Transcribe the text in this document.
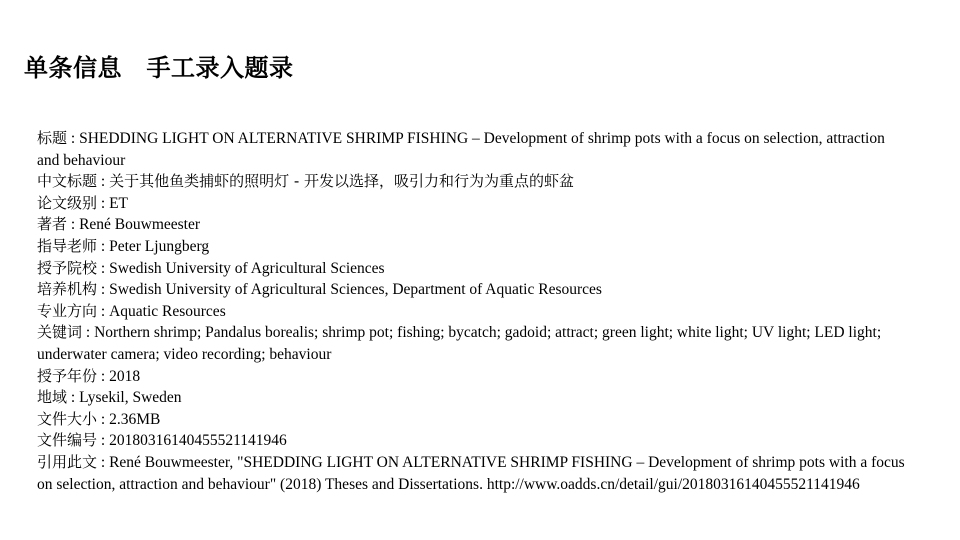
单条信息　手工录入题录

标题 : SHEDDING LIGHT ON ALTERNATIVE SHRIMP FISHING – Development of shrimp pots with a focus on selection, attraction and behaviour

中文标题 : 关于其他鱼类捕虾的照明灯 - 开发以选择，吸引力和行为为重点的虾盆

论文级别 : ET

著者 : René Bouwmeester

指导老师 : Peter Ljungberg

授予院校 : Swedish University of Agricultural Sciences

培养机构 : Swedish University of Agricultural Sciences, Department of Aquatic Resources

专业方向 : Aquatic Resources

关键词 : Northern shrimp; Pandalus borealis; shrimp pot; fishing; bycatch; gadoid; attract; green light; white light; UV light; LED light; underwater camera; video recording; behaviour

授予年份 : 2018

地域 : Lysekil, Sweden

文件大小 : 2.36MB

文件编号 : 20180316140455521141946

引用此文 : René Bouwmeester, "SHEDDING LIGHT ON ALTERNATIVE SHRIMP FISHING – Development of shrimp pots with a focus on selection, attraction and behaviour" (2018) Theses and Dissertations. http://www.oadds.cn/detail/gui/20180316140455521141946
